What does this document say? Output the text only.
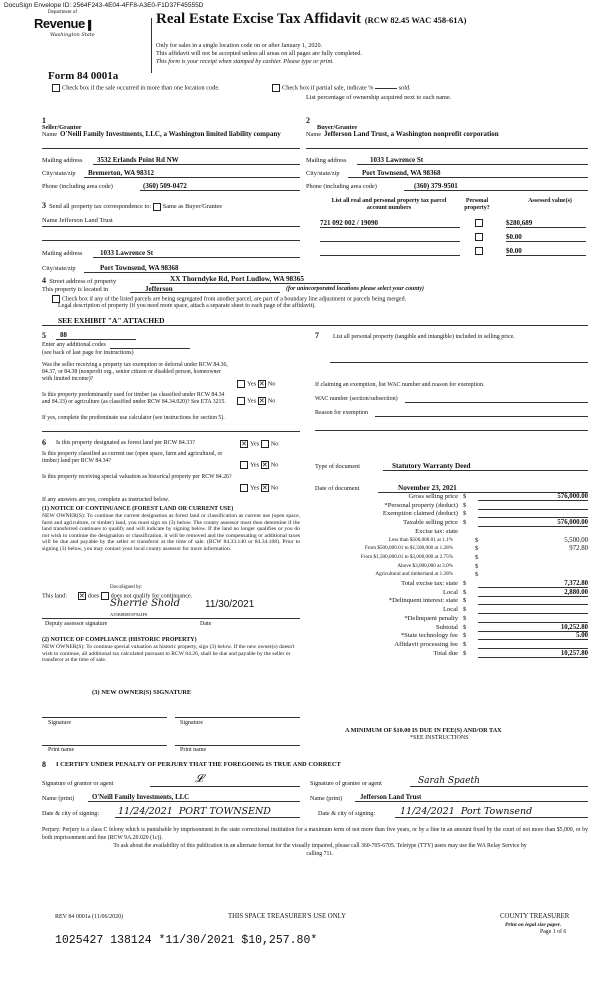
DocuSign Envelope ID: 2564F243-4E04-4FF8-A3E0-F1D37F45555D
Department of
Revenue▐
Washington State
Real Estate Excise Tax Affidavit (RCW 82.45 WAC 458-61A)
Only for sales in a single location code on or after January 1, 2020.
This affidavit will not be accepted unless all areas on all pages are fully completed.
This form is your receipt when stamped by cashier. Please type or print.
Form 84 0001a
Check box if the sale occurred in more than one location code.	Check box if partial sale, indicate %	sold.
List percentage of ownership acquired next to each name.
1
Seller/Grantor
Name O'Neill Family Investments, LLC, a Washington limited liability company
Mailing address 3532 Erlands Point Rd NW
City/state/zip Bremerton, WA 98312
Phone (including area code)	(360) 509-0472
2
Buyer/Grantee
Name Jefferson Land Trust, a Washington nonprofit corporation
Mailing address	1033 Lawrence St
City/state/zip	Port Townsend, WA 98368
Phone (including area code)	(360) 379-9501
3 Send all property tax correspondence to: Same as Buyer/Grantee
Name Jefferson Land Trust
Mailing address	1033 Lawrence St
City/state/zip	Port Townsend, WA 98368
List all real and personal property tax parcel account numbers
Personal property?
Assessed value(s)
721 092 002 / 19090	$280,689
$0.00
$0.00
4 Street address of property	XX Thorndyke Rd, Port Ludlow, WA 98365
This property is located in	Jefferson	(for unincorporated locations please select your county)
Check box if any of the listed parcels are being segregated from another parcel, are part of a boundary line adjustment or parcels being merged.
Legal description of property (if you need more space, attach a separate sheet to each page of the affidavit).
SEE EXHIBIT "A" ATTACHED
5 88
Enter any additional codes
(see back of last page for instructions)
Was the seller receiving a property tax exemption or deferral under RCW 84.36, 84.37, or 84.38 (nonprofit org., senior citizen or disabled person, homeowner with limited income)?
Yes ✕ No
Is this property predominantly used for timber (as classified under RCW 84.34 and 84.33) or agriculture (as classified under RCW 84.34.020)? See ETA 3215.	Yes ✕ No
If yes, complete the predominate use calculator (see instructions for section 5).
6 Is this property designated as forest land per RCW 84.33? ✕	Yes No
Is this property classified as current use (open space, farm and agricultural, or timber) land per RCW 84.34?
Yes ✕ No
Is this property receiving special valuation as historical property per RCW 84.26?
Yes ✕ No
If any answers are yes, complete as instructed below.
(1) NOTICE OF CONTINUANCE (FOREST LAND OR CURRENT USE)
NEW OWNER(S): To continue the current designation as forest land or classification as current use (open space, farm and agriculture, or timber) land, you must sign on (3) below. The county assessor must then determine if the land transferred continues to qualify and will indicate by signing below. If the land no longer qualifies or you do not wish to continue the designation or classification, it will be removed and the compensating or additional taxes will be due and payable by the seller or transferor at the time of sale. (RCW 84.33.140 or 84.34.108). Prior to signing (3) below, you may contact your local county assessor for more information.
This land: ✕	does does not qualify for continuance.
DocuSigned by:
Sherrie Shold	11/30/2021
A55B8B8E5F924F8
Deputy assessor signature	Date
(2) NOTICE OF COMPLIANCE (HISTORIC PROPERTY)
NEW OWNER(S): To continue special valuation as historic property, sign (3) below. If the new owner(s) doesn't wish to continue, all additional tax calculated pursuant to RCW 84.26, shall be due and payable by the seller or transferor at the time of sale.
(3) NEW OWNER(S) SIGNATURE
Signature	Signature
Print name	Print name
7 List all personal property (tangible and intangible) included in selling price.
If claiming an exemption, list WAC number and reason for exemption.
WAC number (section/subsection)
Reason for exemption
Type of document	Statutory Warranty Deed
Date of document	November 23, 2021
Gross selling price $	576,000.00
*Personal property (deduct) $
Exemption claimed (deduct) $
Taxable selling price $	576,000.00
Excise tax: state
Less than $500,000.01 at 1.1%	$	5,500.00
From $500,000.01 to $1,500,000 at 1.28%	$	972.80
From $1,500,000.01 to $3,000,000 at 2.75%	$
Above $3,000,000 at 3.0%	$
Agricultural and timberland at 1.28%	$
Total excise tax: state $	7,372.80
Local $	2,880.00
*Delinquent interest: state $
Local $
*Delinquent penalty $
Subtotal $	10,252.80
*State technology fee $	5.00
Affidavit processing fee $
Total due $	10,257.80
A MINIMUM OF $10.00 IS DUE IN FEE(S) AND/OR TAX
*SEE INSTRUCTIONS
8 I CERTIFY UNDER PENALTY OF PERJURY THAT THE FOREGOING IS TRUE AND CORRECT
Signature of grantor or agent	𝓛	Signature of grantee or agent	Sarah Spaeth
Name (print)	O'Neill Family Investments, LLC	Name (print)	Jefferson Land Trust
Date & city of signing: 11/24/2021 PORT TOWNSEND	Date & city of signing:	11/24/2021 Port Townsend
Perjury: Perjury is a class C felony which is punishable by imprisonment in the state correctional institution for a maximum term of not more than five years, or by a fine in an amount fixed by the court of not more than $5,000, or by both imprisonment and fine (RCW 9A.20.020 (1c)).
To ask about the availability of this publication in an alternate format for the visually impaired, please call 360-705-6705. Teletype (TTY) users may use the WA Relay Service by calling 711.
REV 84 0001a (11/06/2020)	THIS SPACE TREASURER'S USE ONLY	COUNTY TREASURER
Print on legal size paper.
Page 1 of 6
1025427 138124 *11/30/2021 $10,257.80*
